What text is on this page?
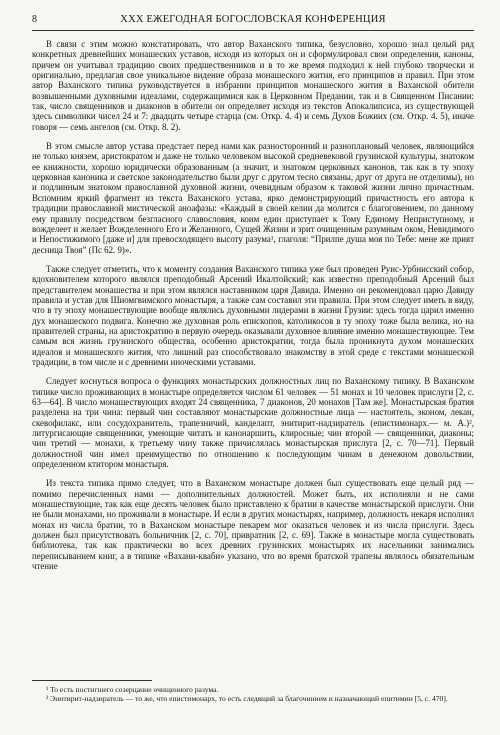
8	XXX ЕЖЕГОДНАЯ БОГОСЛОВСКАЯ КОНФЕРЕНЦИЯ

В связи с этим можно констатировать, что автор Ваханского типика, безусловно, хорошо знал целый ряд конкретных древнейших монашеских уставов, исходя из которых он и сформулировал свои определения, каноны, причем он учитывал традицию своих предшественников и в то же время подходил к ней глубоко творчески и оригинально, предлагая свое уникальное видение образа монашеского жития, его принципов и правил. При этом автор Ваханского типика руководствуется в избрании принципов монашеского жития в Ваханской обители возвышенными духовными идеалами, содержащимися как в Церковном Предании, так и в Священном Писании: так, число священников и диаконов в обители он определяет исходя из текстов Апокалипсиса, из существующей здесь символики чисел 24 и 7: двадцать четыре старца (см. Откр. 4. 4) и семь Духов Божиих (см. Откр. 4. 5), иначе говоря — семь ангелов (см. Откр. 8. 2).

В этом смысле автор устава предстает перед нами как разносторонний и разноплановый человек, являющийся не только князем, аристократом и даже не только человеком высокой средневековой грузинской культуры, знатоком ее книжности, хорошо юридически образованным (а значит, и знатоком церковных канонов, так как в ту эпоху церковная каноника и светское законодательство были друг с другом тесно связаны, друг от друга не отделимы), но и подлинным знатоком православной духовной жизни, очевидным образом к таковой жизни лично причастным. Вспомним яркий фрагмент из текста Ваханского устава, ярко демонстрирующий причастность его автора к традиции православной мистической аноафазы: «Каждый в своей келии да молится с благоговением, по данному ему правилу посредством безгласного славословия, коим един приступает к Тому Единому Неприступному, и вожделеет и желает Вожделенного Его и Желанного, Сущей Жизни и зрит очищенным разумным оком, Невидимого и Непостижимого [даже и] для превосходящего высоту разума¹, глаголя: “Прилпе душа моя по Тебе: мене же прият десница Твоя” (Пс 62. 9)».

Также следует отметить, что к моменту создания Ваханского типика уже был проведен Руис-Урбнисский собор, вдохновителем которого являлся преподобный Арсений Икалтойский; как известно преподобный Арсений был представителем монашества и при этом являлся наставником царя Давида. Именно он рекомендовал царю Давиду правила и устав для Шиомгвимского монастыря, а также сам составил эти правила. При этом следует иметь в виду, что в ту эпоху монашествующие вообще являлись духовными лидерами в жизни Грузии: здесь тогда царил именно дух монашеского подвига. Конечно же духовная роль епископов, католикосов в ту эпоху тоже была велика, но на правителей страны, на аристократию в первую очередь оказывали духовное влияние именно монашествующие. Тем самым вся жизнь грузинского общества, особенно аристократии, тогда была проникнута духом монашеских идеалов и монашеского жития, что лишний раз способствовало знакомству в этой среде с текстами монашеской традиции, в том числе и с древними иноческими уставами.

Следует коснуться вопроса о функциях монастырских должностных лиц по Ваханскому типику. В Ваханском типике число проживающих в монастыре определяется числом 61 человек — 51 монах и 10 человек прислуги [2, с. 63—64]. В число монашествующих входят 24 священника, 7 диаконов, 20 монахов [Там же]. Монастырская братия разделена на три чина: первый чин составляют монастырские должностные лица — настоятель, эконом, лекан, скевофилакс, или сосудохранитель, трапезничий, канделапт, энитирит-надзиратель (епистимонарх.— м. А.)², литургисающие священники, умеющие читать и канонаршить, клиросные; чин второй — священники, диаконы; чин третий — монахи, к третьему чину также причислялась монастырская прислуга [2, с. 70—71]. Первый должностной чин имел преимущество по отношению к последующим чинам в денежном довольствии, определенном ктитором монастыря.

Из текста типика прямо следует, что в Ваханском монастыре должен был существовать еще целый ряд — помимо перечисленных нами — дополнительных должностей. Может быть, их исполняли и не сами монашествующие, так как еще десять человек было приставлено к братии в качестве монастырской прислуги. Они не были монахами, но проживали в монастыре. И если в других монастырях, например, должность некаря исполнял монах из числа братии, то в Ваханском монастыре пекарем мог оказаться человек и из числа прислуги. Здесь должен был присутствовать больничник [2, с. 70], привратник [2, с. 69]. Также в монастыре могла существовать библиотека, так как практически во всех древних грузинских монастырях их насельники занимались переписыванием книг, а в типике «Вахани-кваби» указано, что во время братской трапезы являлось обязательным чтение

¹ То есть постигшего созерцание очищенного разума.

² Энитирит-надзиратель — то же, что епистимонарх, то есть следящий за благочинием и назначающий епитимии [5, с. 470].
